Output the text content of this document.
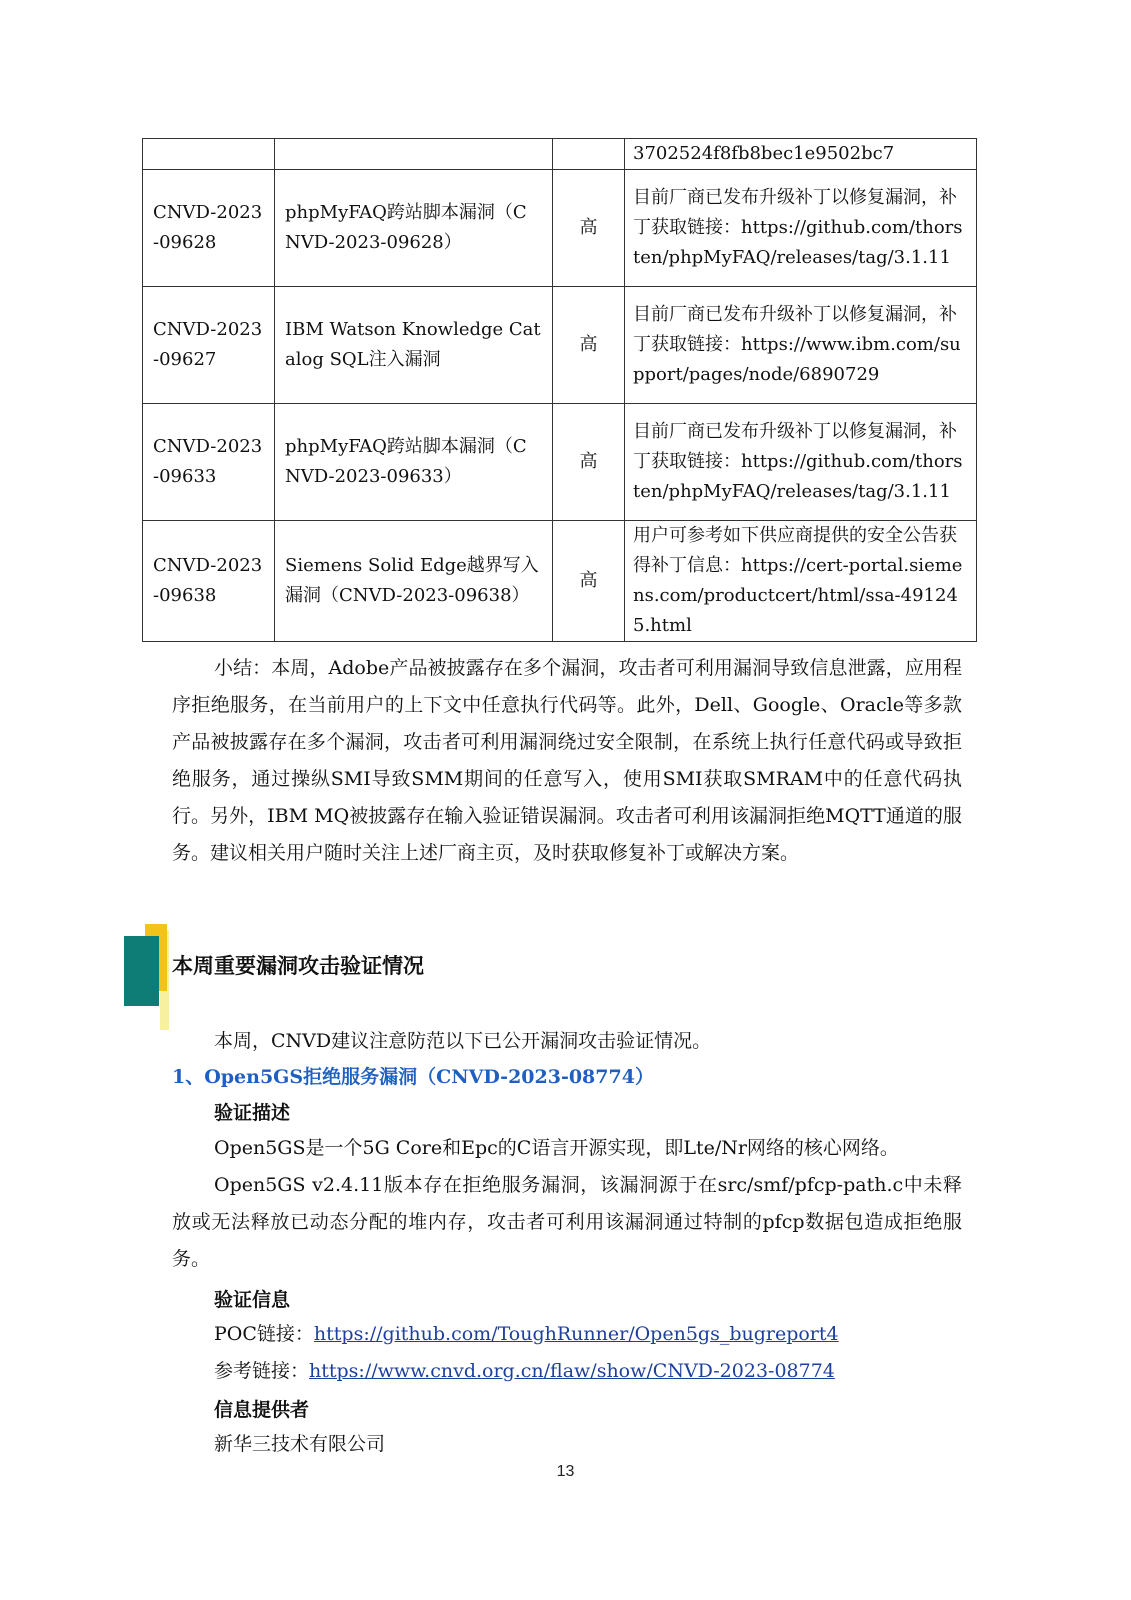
			3702524f8fb8bec1e9502bc7
CNVD-2023-09628	phpMyFAQ跨站脚本漏洞（CNVD-2023-09628）	高	目前厂商已发布升级补丁以修复漏洞，补丁获取链接：https://github.com/thorsten/phpMyFAQ/releases/tag/3.1.11
CNVD-2023-09627	IBM Watson Knowledge Catalog SQL注入漏洞	高	目前厂商已发布升级补丁以修复漏洞，补丁获取链接：https://www.ibm.com/support/pages/node/6890729
CNVD-2023-09633	phpMyFAQ跨站脚本漏洞（CNVD-2023-09633）	高	目前厂商已发布升级补丁以修复漏洞，补丁获取链接：https://github.com/thorsten/phpMyFAQ/releases/tag/3.1.11
CNVD-2023-09638	Siemens Solid Edge越界写入漏洞（CNVD-2023-09638）	高	用户可参考如下供应商提供的安全公告获得补丁信息：https://cert-portal.siemens.com/productcert/html/ssa-491245.html

小结：本周，Adobe产品被披露存在多个漏洞，攻击者可利用漏洞导致信息泄露，应用程序拒绝服务，在当前用户的上下文中任意执行代码等。此外，Dell、Google、Oracle等多款产品被披露存在多个漏洞，攻击者可利用漏洞绕过安全限制，在系统上执行任意代码或导致拒绝服务，通过操纵SMI导致SMM期间的任意写入，使用SMI获取SMRAM中的任意代码执行。另外，IBM MQ被披露存在输入验证错误漏洞。攻击者可利用该漏洞拒绝MQTT通道的服务。建议相关用户随时关注上述厂商主页，及时获取修复补丁或解决方案。

本周重要漏洞攻击验证情况

本周，CNVD建议注意防范以下已公开漏洞攻击验证情况。

1、Open5GS拒绝服务漏洞（CNVD-2023-08774）

验证描述

Open5GS是一个5G Core和Epc的C语言开源实现，即Lte/Nr网络的核心网络。

Open5GS v2.4.11版本存在拒绝服务漏洞，该漏洞源于在src/smf/pfcp-path.c中未释放或无法释放已动态分配的堆内存，攻击者可利用该漏洞通过特制的pfcp数据包造成拒绝服务。

验证信息

POC链接：https://github.com/ToughRunner/Open5gs_bugreport4

参考链接：https://www.cnvd.org.cn/flaw/show/CNVD-2023-08774

信息提供者

新华三技术有限公司

13
